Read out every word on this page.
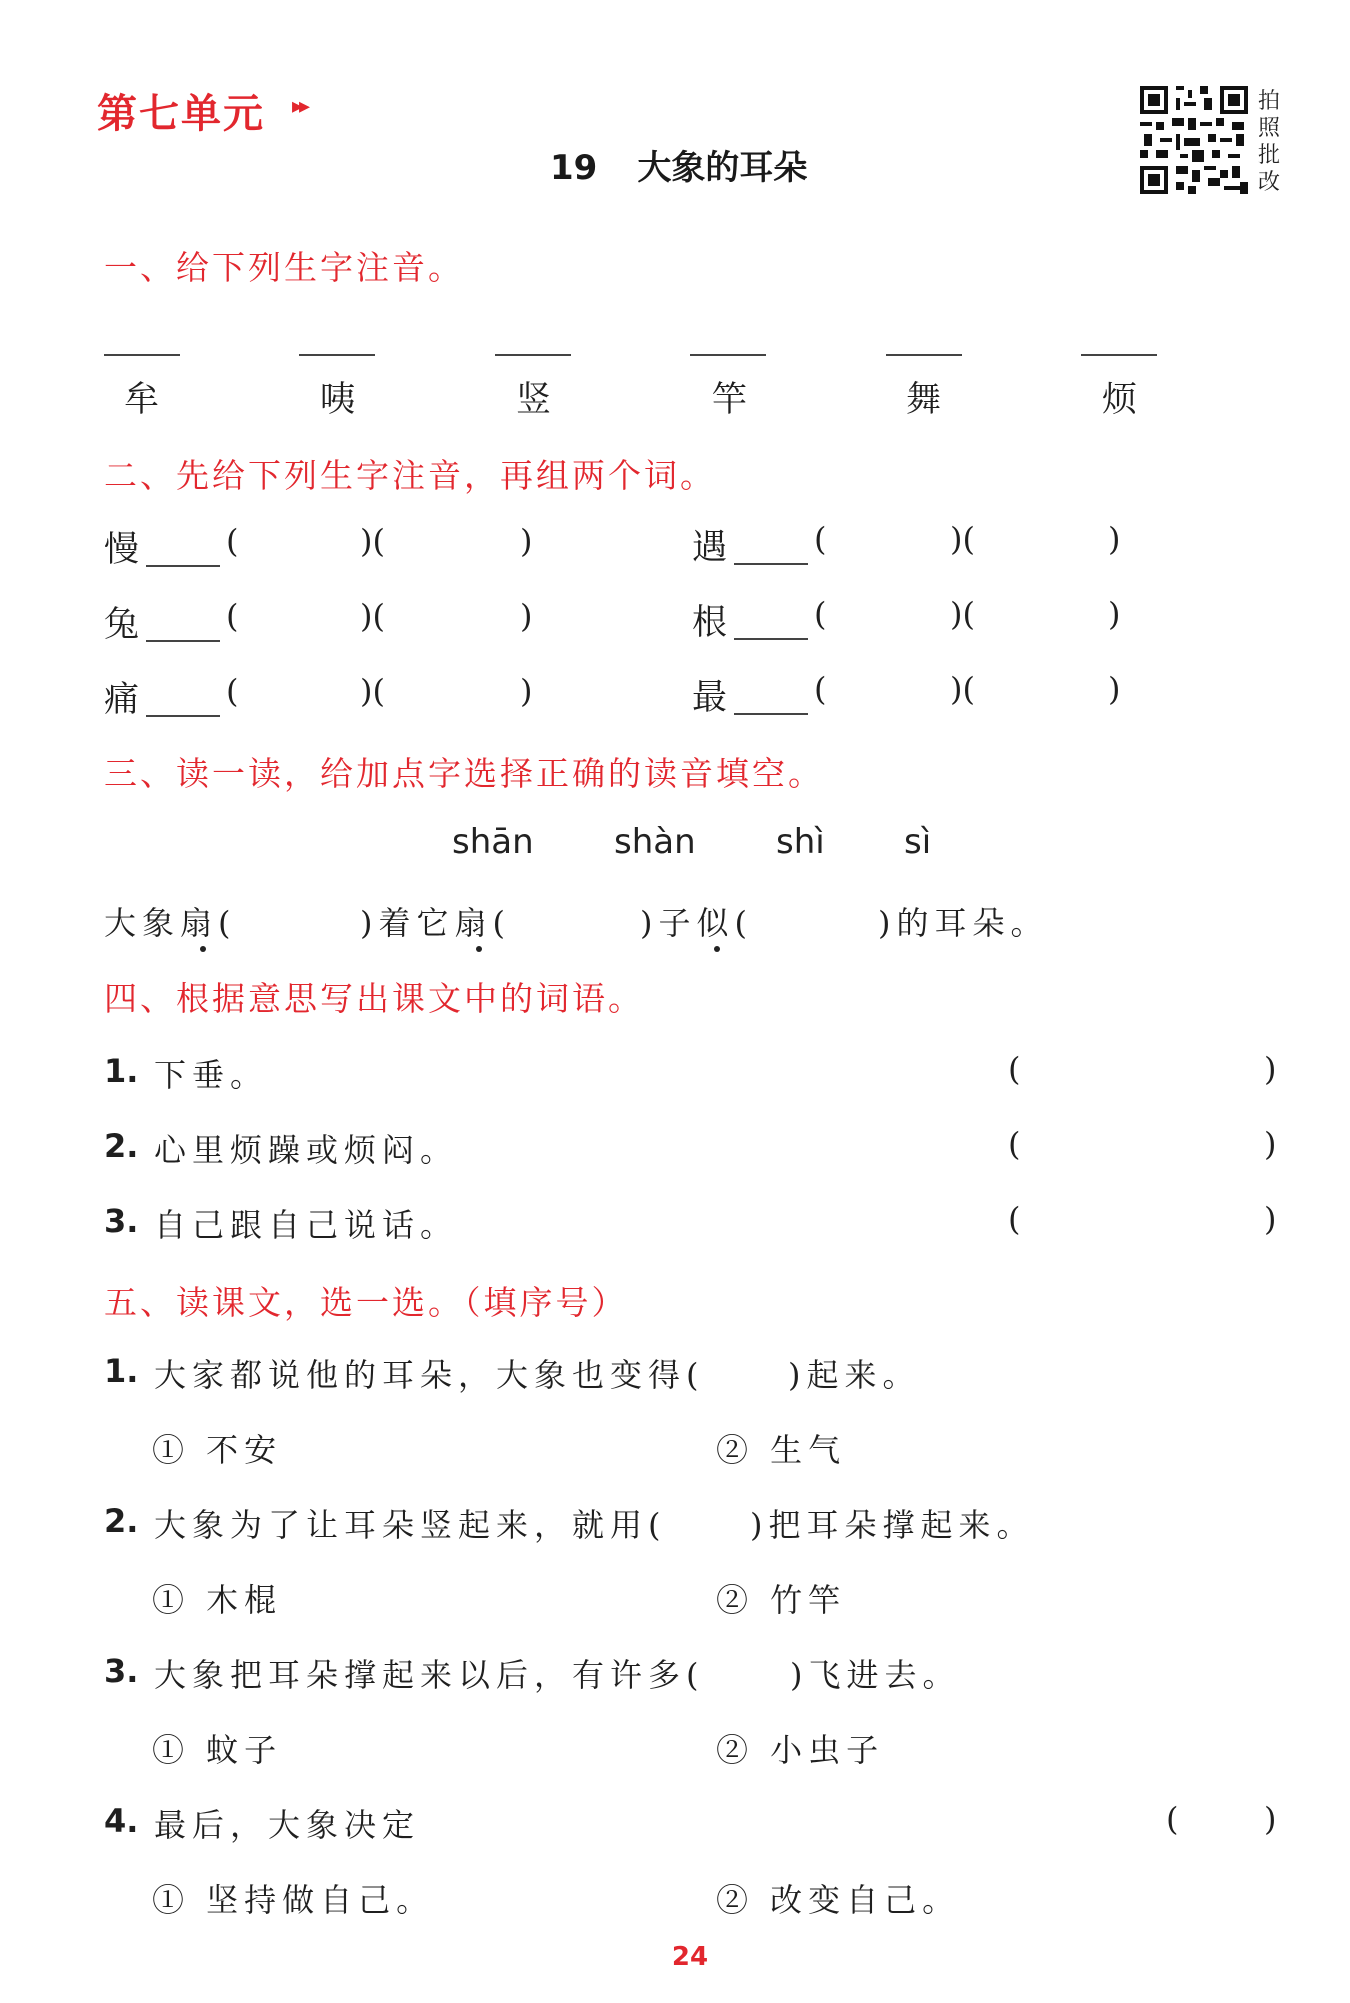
第七单元 ▸▸
19 大象的耳朵
拍
照
批
改
一、给下列生字注音。
牟	咦	竖	竿	舞	烦
二、先给下列生字注音，再组两个词。
慢	(	)(	)	遇	(	)(	)
兔	(	)(	)	根	(	)(	)
痛	(	)(	)	最	(	)(	)
三、读一读，给加点字选择正确的读音填空。
shān shàn shì sì
大象扇(	)着它扇(	)子似(	)的耳朵。
四、根据意思写出课文中的词语。
1. 下垂。	(	)
2. 心里烦躁或烦闷。	(	)
3. 自己跟自己说话。	(	)
五、读课文，选一选。（填序号）
1. 大家都说他的耳朵，大象也变得(	)起来。
① 不安	② 生气
2. 大象为了让耳朵竖起来，就用(	)把耳朵撑起来。
① 木棍	② 竹竿
3. 大象把耳朵撑起来以后，有许多(	)飞进去。
① 蚊子	② 小虫子
4. 最后，大象决定	(	)
① 坚持做自己。	② 改变自己。
24
